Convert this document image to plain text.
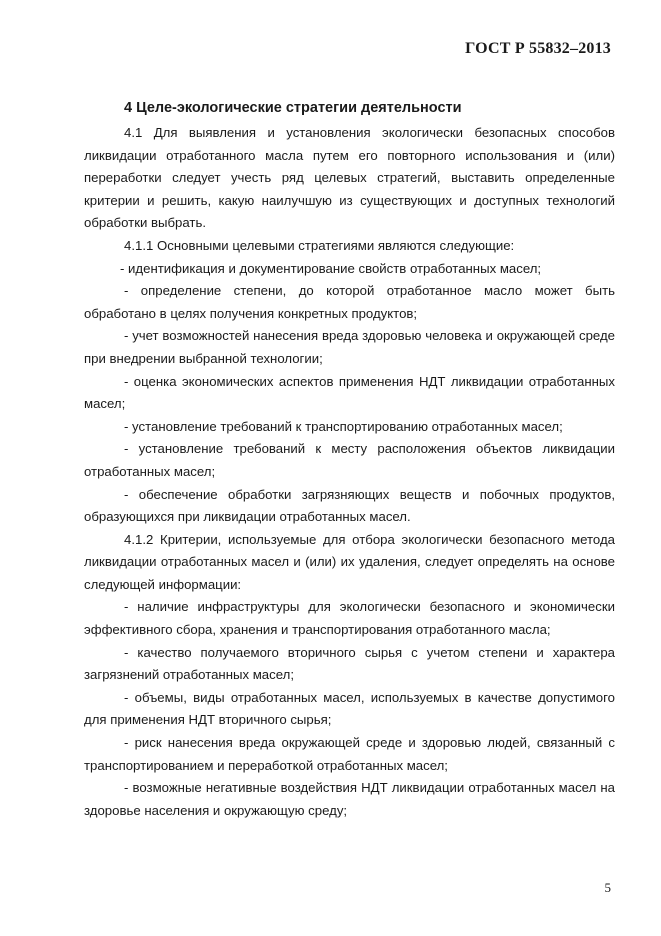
ГОСТ Р 55832–2013
4 Целе-экологические стратегии деятельности

4.1 Для выявления и установления экологически безопасных способов ликвидации отработанного масла путем его повторного использования и (или) переработки следует учесть ряд целевых стратегий, выставить определенные критерии и решить, какую наилучшую из существующих и доступных технологий обработки выбрать.

4.1.1 Основными целевыми стратегиями являются следующие:

- идентификация и документирование свойств отработанных масел;

- определение степени, до которой отработанное масло может быть обработано в целях получения конкретных продуктов;

- учет возможностей нанесения вреда здоровью человека и окружающей среде при внедрении выбранной технологии;

- оценка экономических аспектов применения НДТ ликвидации отработанных масел;

- установление требований к транспортированию отработанных масел;

- установление требований к месту расположения объектов ликвидации отработанных масел;

- обеспечение обработки загрязняющих веществ и побочных продуктов, образующихся при ликвидации отработанных масел.

4.1.2 Критерии, используемые для отбора экологически безопасного метода ликвидации отработанных масел и (или) их удаления, следует определять на основе следующей информации:

- наличие инфраструктуры для экологически безопасного и экономически эффективного сбора, хранения и транспортирования отработанного масла;

- качество получаемого вторичного сырья с учетом степени и характера загрязнений отработанных масел;

- объемы, виды отработанных масел, используемых в качестве допустимого для применения НДТ вторичного сырья;

- риск нанесения вреда окружающей среде и здоровью людей, связанный с транспортированием и переработкой отработанных масел;

- возможные негативные воздействия НДТ ликвидации отработанных масел на здоровье населения и окружающую среду;

5
